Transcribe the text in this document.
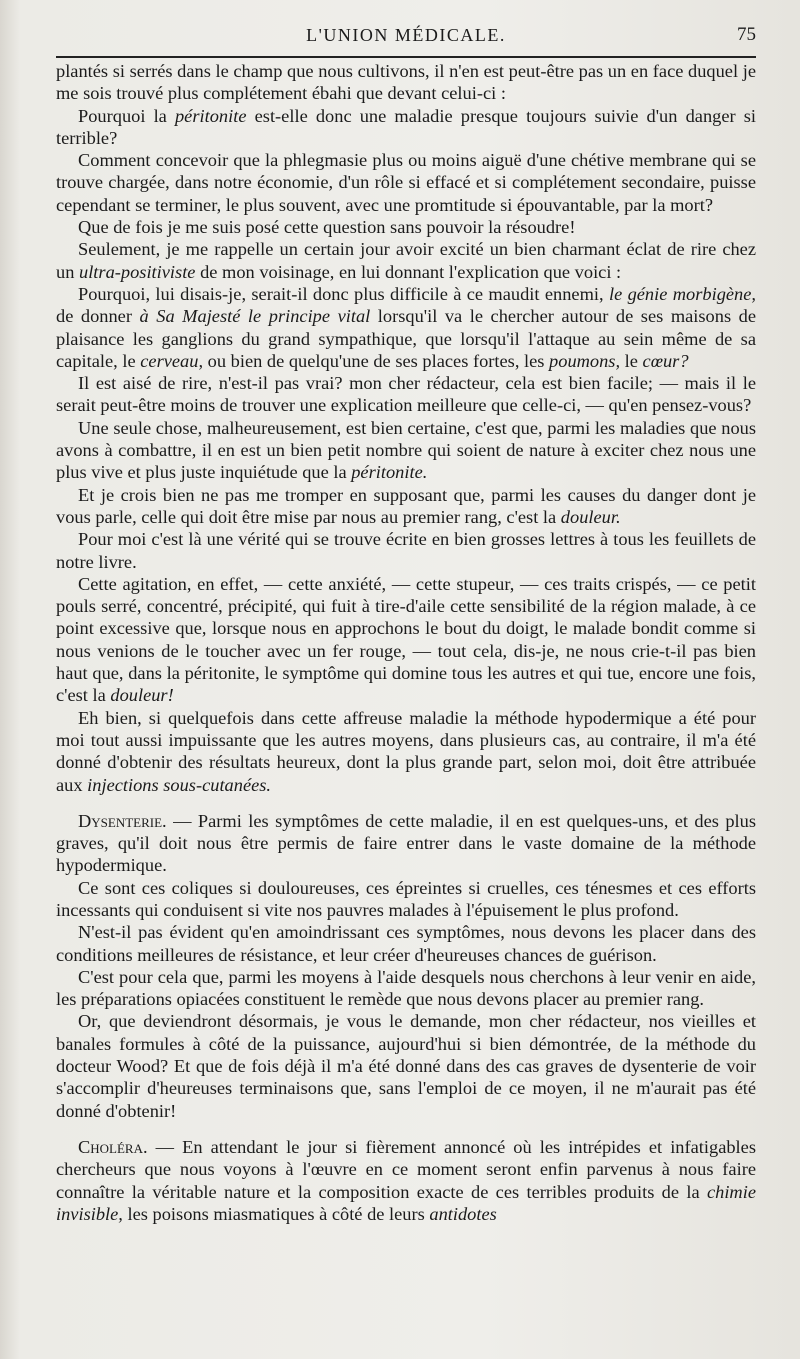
L'UNION MÉDICALE.	75

plantés si serrés dans le champ que nous cultivons, il n'en est peut-être pas un en face duquel je me sois trouvé plus complétement ébahi que devant celui-ci :

Pourquoi la péritonite est-elle donc une maladie presque toujours suivie d'un danger si terrible?

Comment concevoir que la phlegmasie plus ou moins aiguë d'une chétive membrane qui se trouve chargée, dans notre économie, d'un rôle si effacé et si complétement secondaire, puisse cependant se terminer, le plus souvent, avec une promtitude si épouvantable, par la mort?

Que de fois je me suis posé cette question sans pouvoir la résoudre!

Seulement, je me rappelle un certain jour avoir excité un bien charmant éclat de rire chez un ultra-positiviste de mon voisinage, en lui donnant l'explication que voici :

Pourquoi, lui disais-je, serait-il donc plus difficile à ce maudit ennemi, le génie morbigène, de donner à Sa Majesté le principe vital lorsqu'il va le chercher autour de ses maisons de plaisance les ganglions du grand sympathique, que lorsqu'il l'attaque au sein même de sa capitale, le cerveau, ou bien de quelqu'une de ses places fortes, les poumons, le cœur?

Il est aisé de rire, n'est-il pas vrai? mon cher rédacteur, cela est bien facile; — mais il le serait peut-être moins de trouver une explication meilleure que celle-ci, — qu'en pensez-vous?

Une seule chose, malheureusement, est bien certaine, c'est que, parmi les maladies que nous avons à combattre, il en est un bien petit nombre qui soient de nature à exciter chez nous une plus vive et plus juste inquiétude que la péritonite.

Et je crois bien ne pas me tromper en supposant que, parmi les causes du danger dont je vous parle, celle qui doit être mise par nous au premier rang, c'est la douleur.

Pour moi c'est là une vérité qui se trouve écrite en bien grosses lettres à tous les feuillets de notre livre.

Cette agitation, en effet, — cette anxiété, — cette stupeur, — ces traits crispés, — ce petit pouls serré, concentré, précipité, qui fuit à tire-d'aile cette sensibilité de la région malade, à ce point excessive que, lorsque nous en approchons le bout du doigt, le malade bondit comme si nous venions de le toucher avec un fer rouge, — tout cela, dis-je, ne nous crie-t-il pas bien haut que, dans la péritonite, le symptôme qui domine tous les autres et qui tue, encore une fois, c'est la douleur!

Eh bien, si quelquefois dans cette affreuse maladie la méthode hypodermique a été pour moi tout aussi impuissante que les autres moyens, dans plusieurs cas, au contraire, il m'a été donné d'obtenir des résultats heureux, dont la plus grande part, selon moi, doit être attribuée aux injections sous-cutanées.

Dysenterie. — Parmi les symptômes de cette maladie, il en est quelques-uns, et des plus graves, qu'il doit nous être permis de faire entrer dans le vaste domaine de la méthode hypodermique.

Ce sont ces coliques si douloureuses, ces épreintes si cruelles, ces ténesmes et ces efforts incessants qui conduisent si vite nos pauvres malades à l'épuisement le plus profond.

N'est-il pas évident qu'en amoindrissant ces symptômes, nous devons les placer dans des conditions meilleures de résistance, et leur créer d'heureuses chances de guérison.

C'est pour cela que, parmi les moyens à l'aide desquels nous cherchons à leur venir en aide, les préparations opiacées constituent le remède que nous devons placer au premier rang.

Or, que deviendront désormais, je vous le demande, mon cher rédacteur, nos vieilles et banales formules à côté de la puissance, aujourd'hui si bien démontrée, de la méthode du docteur Wood? Et que de fois déjà il m'a été donné dans des cas graves de dysenterie de voir s'accomplir d'heureuses terminaisons que, sans l'emploi de ce moyen, il ne m'aurait pas été donné d'obtenir!

Choléra. — En attendant le jour si fièrement annoncé où les intrépides et infatigables chercheurs que nous voyons à l'œuvre en ce moment seront enfin parvenus à nous faire connaître la véritable nature et la composition exacte de ces terribles produits de la chimie invisible, les poisons miasmatiques à côté de leurs antidotes
